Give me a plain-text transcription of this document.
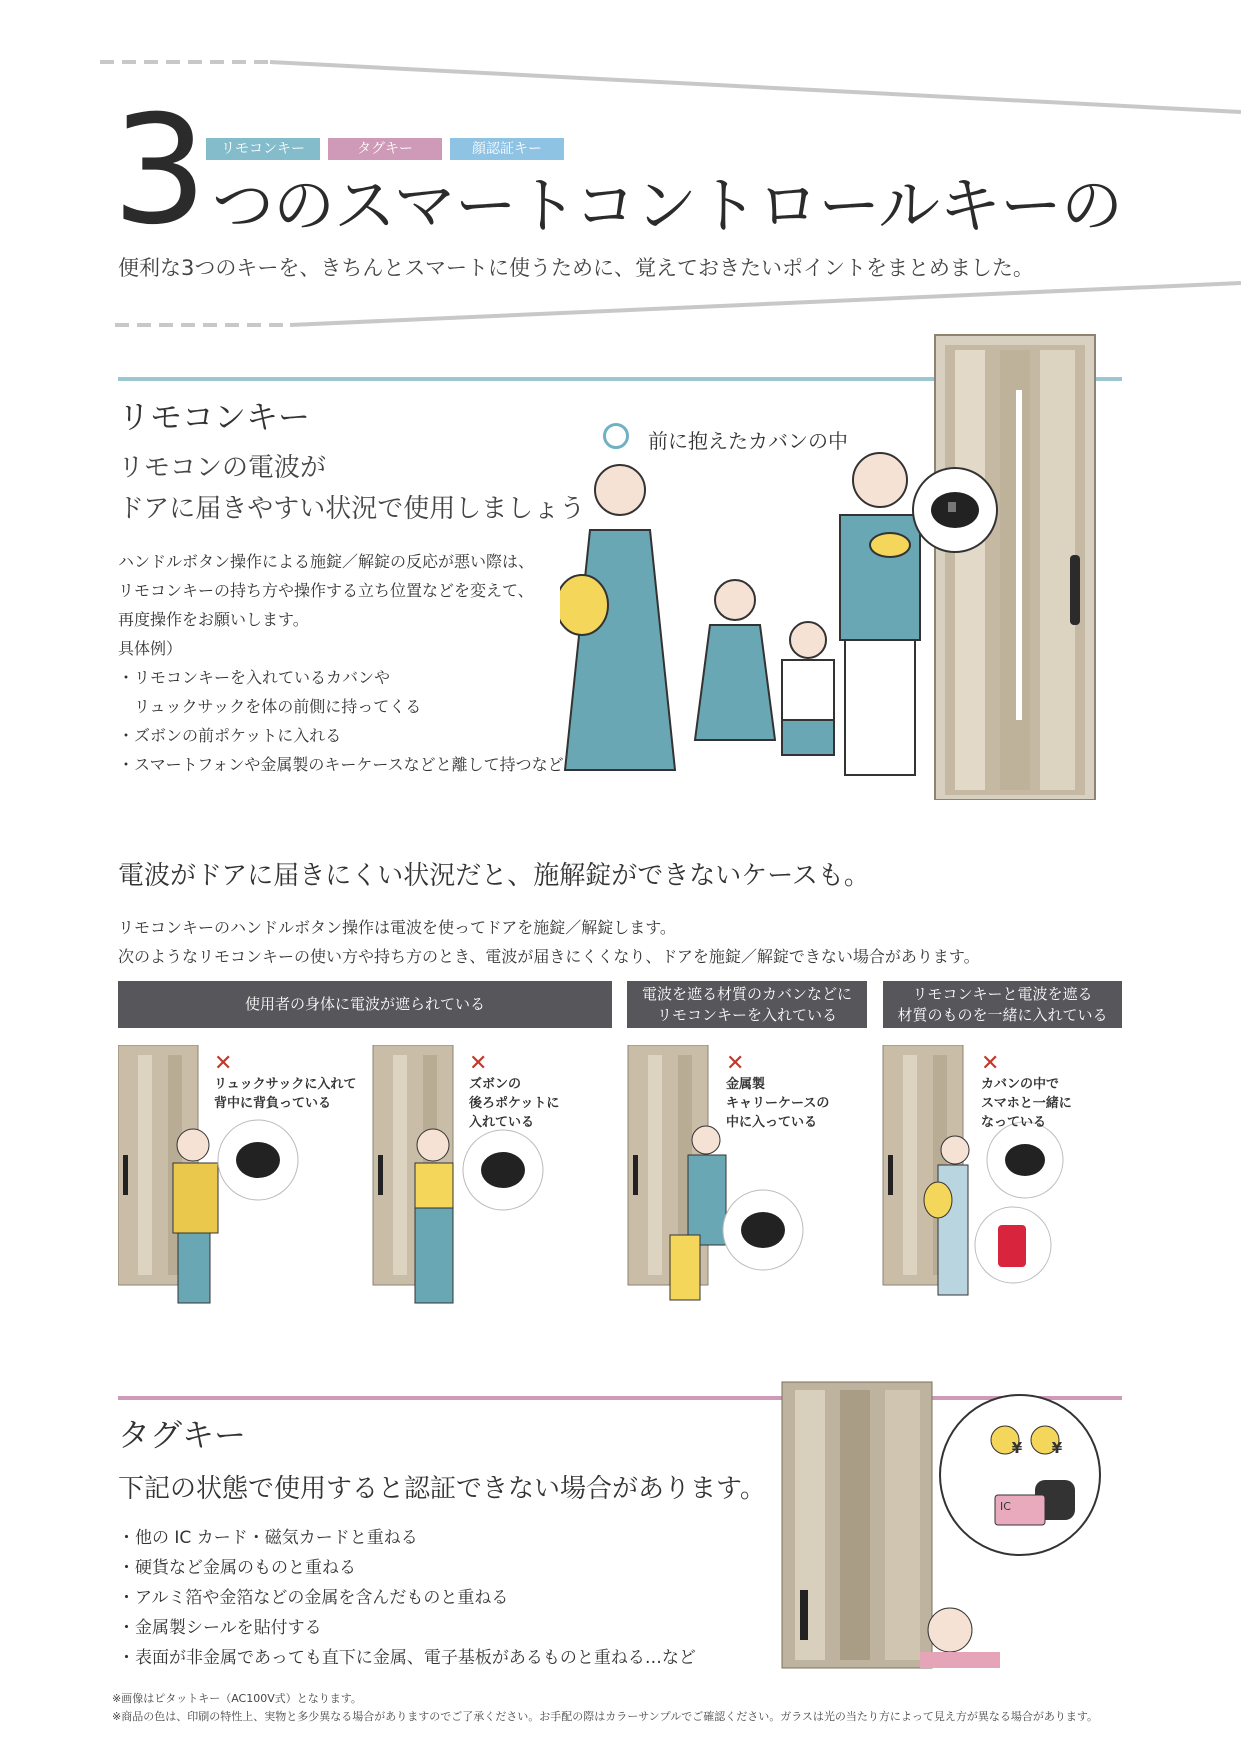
3	リモコンキー	タグキー	顔認証キー
つのスマートコントロールキーの
便利な3つのキーを、きちんとスマートに使うために、覚えておきたいポイントをまとめました。
リモコンキー
リモコンの電波が
ドアに届きやすい状況で使用しましょう
ハンドルボタン操作による施錠／解錠の反応が悪い際は、
リモコンキーの持ち方や操作する立ち位置などを変えて、
再度操作をお願いします。
具体例）
・リモコンキーを入れているカバンや
　リュックサックを体の前側に持ってくる
・ズボンの前ポケットに入れる
・スマートフォンや金属製のキーケースなどと離して持つなど
前に抱えたカバンの中
電波がドアに届きにくい状況だと、施解錠ができないケースも。
リモコンキーのハンドルボタン操作は電波を使ってドアを施錠／解錠します。
次のようなリモコンキーの使い方や持ち方のとき、電波が届きにくくなり、ドアを施錠／解錠できない場合があります。
使用者の身体に電波が遮られている
電波を遮る材質のカバンなどに
リモコンキーを入れている
リモコンキーと電波を遮る
材質のものを一緒に入れている
✕
リュックサックに入れて
背中に背負っている
✕
ズボンの
後ろポケットに
入れている
✕
金属製
キャリーケースの
中に入っている
✕
カバンの中で
スマホと一緒に
なっている
¥ ¥
IC
タグキー
下記の状態で使用すると認証できない場合があります。
・他の IC カード・磁気カードと重ねる
・硬貨など金属のものと重ねる
・アルミ箔や金箔などの金属を含んだものと重ねる
・金属製シールを貼付する
・表面が非金属であっても直下に金属、電子基板があるものと重ねる…など
※画像はピタットキー（AC100V式）となります。
※商品の色は、印刷の特性上、実物と多少異なる場合がありますのでご了承ください。お手配の際はカラーサンプルでご確認ください。ガラスは光の当たり方によって見え方が異なる場合があります。
